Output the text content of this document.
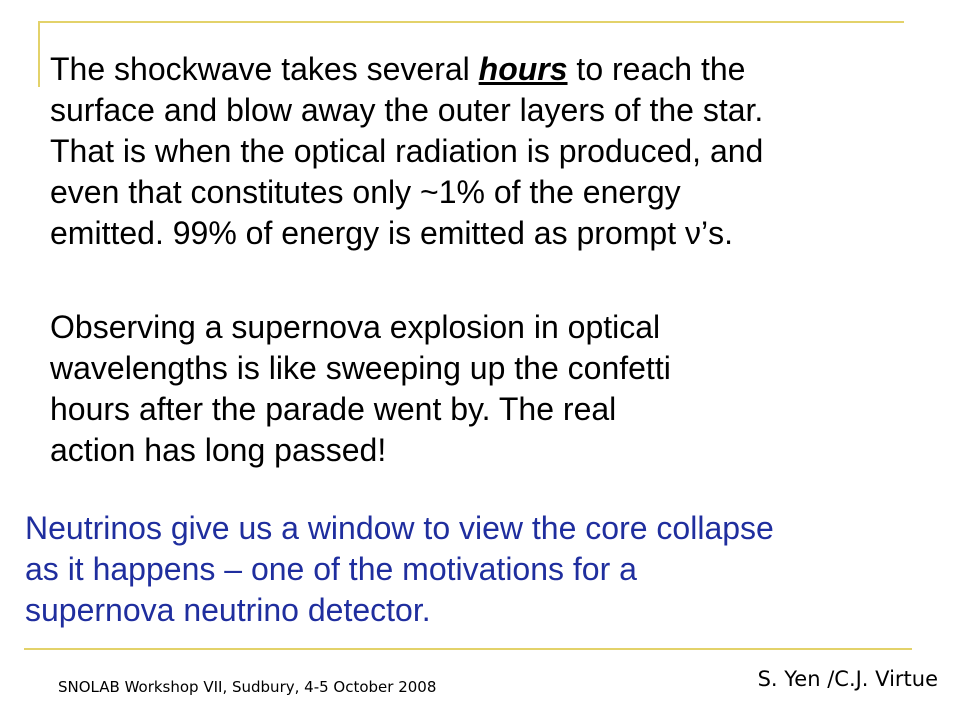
The shockwave takes several hours to reach the
surface and blow away the outer layers of the star.
That is when the optical radiation is produced, and
even that constitutes only ~1% of the energy
emitted. 99% of energy is emitted as prompt ν’s.

Observing a supernova explosion in optical
wavelengths is like sweeping up the confetti
hours after the parade went by. The real
action has long passed!

Neutrinos give us a window to view the core collapse
as it happens – one of the motivations for a
supernova neutrino detector.

SNOLAB Workshop VII, Sudbury, 4-5 October 2008	S. Yen /C.J. Virtue
